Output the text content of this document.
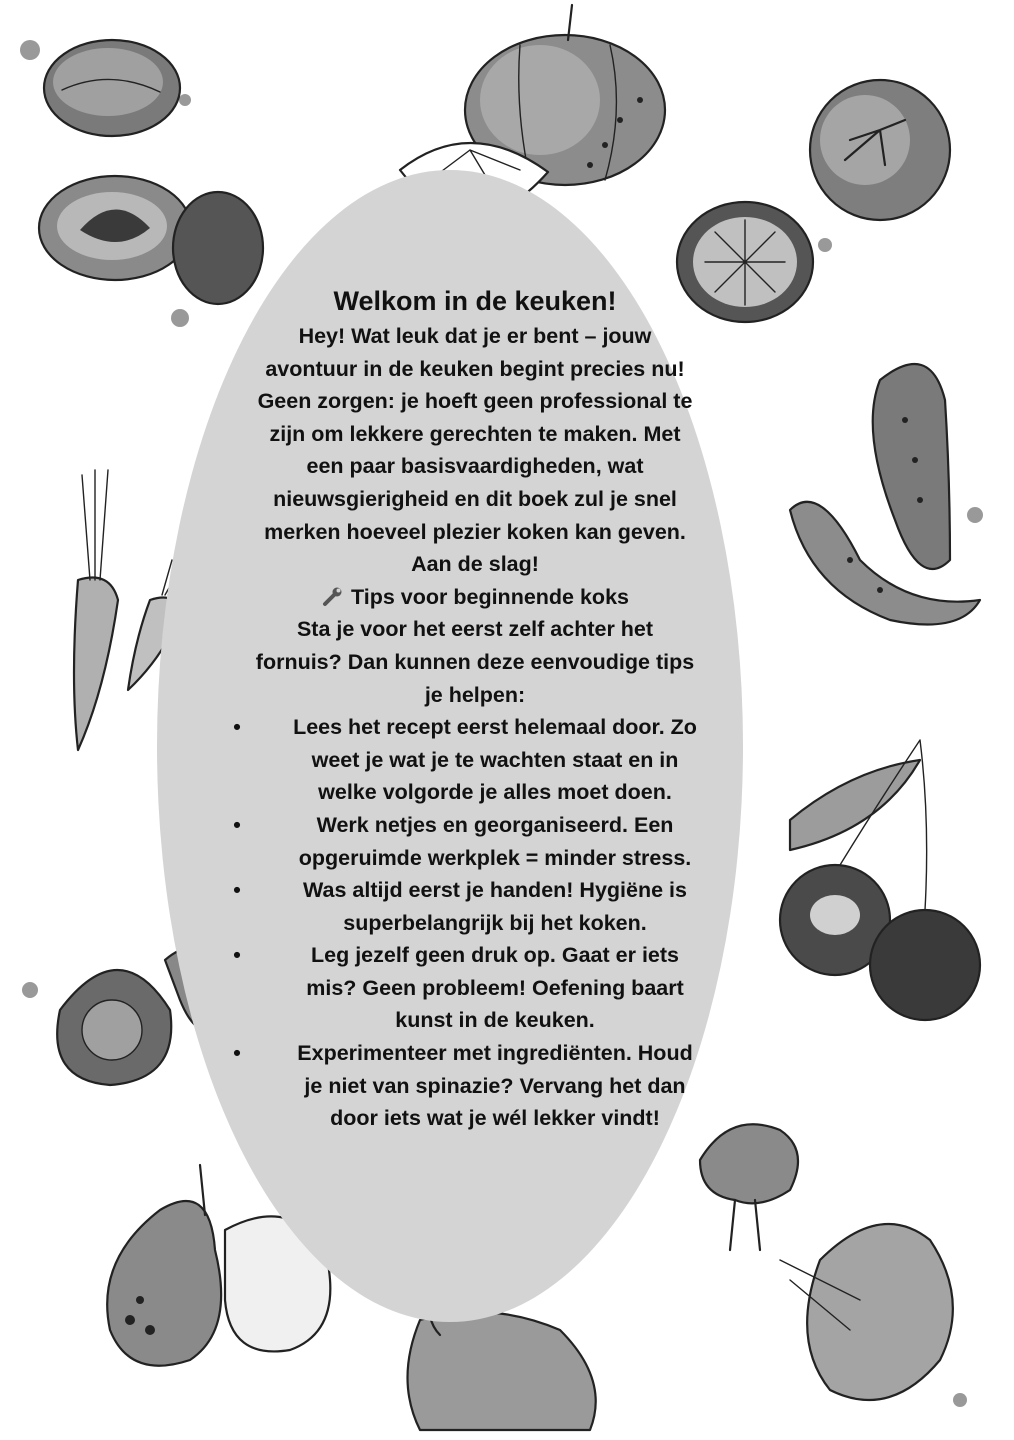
Welkom in de keuken!

Hey! Wat leuk dat je er bent – jouw

avontuur in de keuken begint precies nu!

Geen zorgen: je hoeft geen professional te

zijn om lekkere gerechten te maken. Met

een paar basisvaardigheden, wat

nieuwsgierigheid en dit boek zul je snel

merken hoeveel plezier koken kan geven.

Aan de slag!

Tips voor beginnende koks

Sta je voor het eerst zelf achter het

fornuis? Dan kunnen deze eenvoudige tips

je helpen:

•	Lees het recept eerst helemaal door. Zo

weet je wat je te wachten staat en in

welke volgorde je alles moet doen.

•	Werk netjes en georganiseerd. Een

opgeruimde werkplek = minder stress.

•	Was altijd eerst je handen! Hygiëne is

superbelangrijk bij het koken.

•	Leg jezelf geen druk op. Gaat er iets

mis? Geen probleem! Oefening baart

kunst in de keuken.

•	Experimenteer met ingrediënten. Houd

je niet van spinazie? Vervang het dan

door iets wat je wél lekker vindt!
